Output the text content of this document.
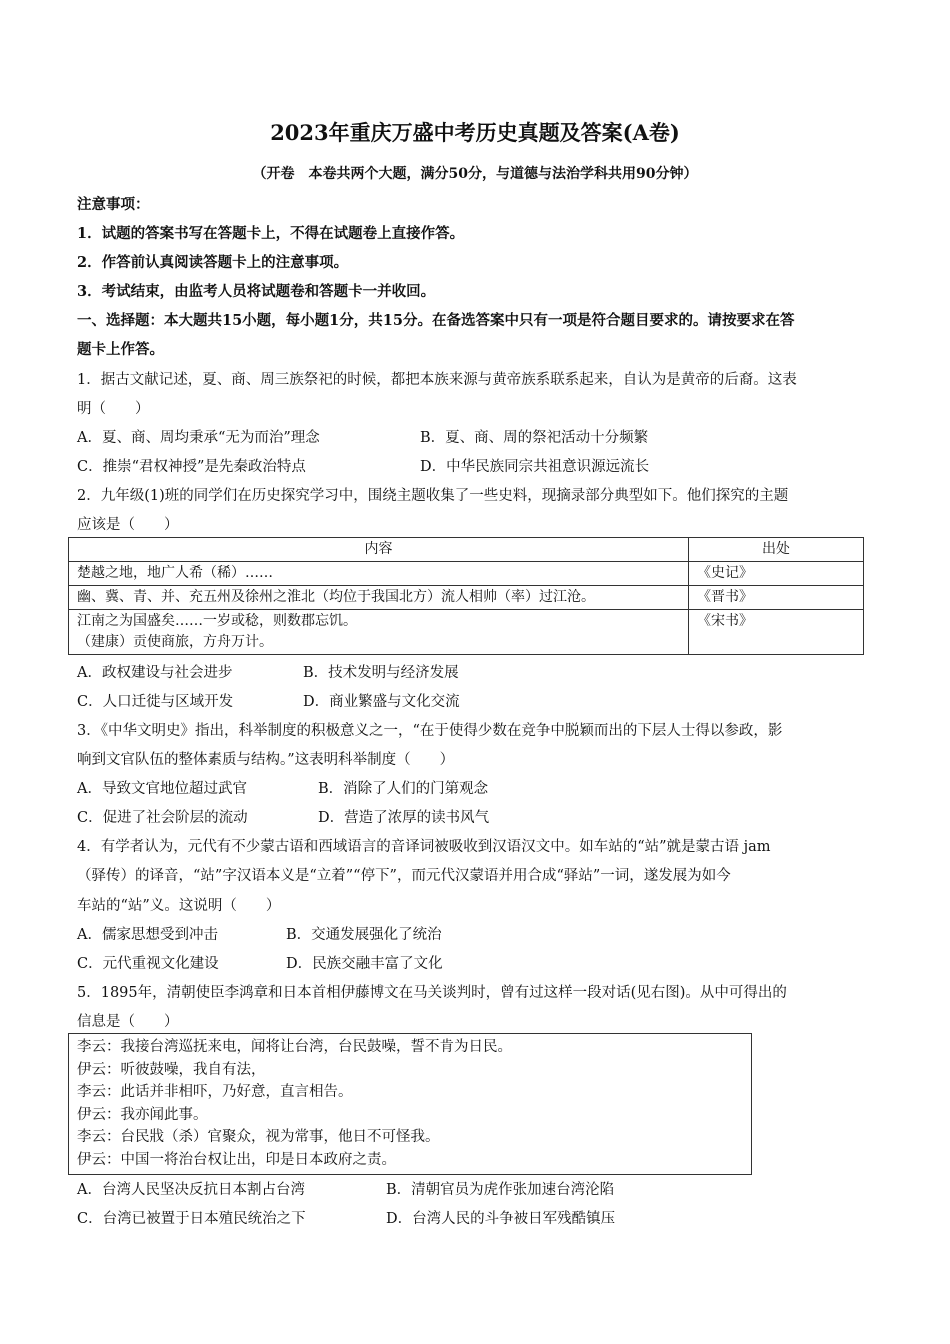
2023年重庆万盛中考历史真题及答案(A卷)
（开卷　本卷共两个大题，满分50分，与道德与法治学科共用90分钟）
注意事项：
1．试题的答案书写在答题卡上，不得在试题卷上直接作答。
2．作答前认真阅读答题卡上的注意事项。
3．考试结束，由监考人员将试题卷和答题卡一并收回。
一、选择题：本大题共15小题，每小题1分，共15分。在备选答案中只有一项是符合题目要求的。请按要求在答
题卡上作答。
1．据古文献记述，夏、商、周三族祭祀的时候，都把本族来源与黄帝族系联系起来，自认为是黄帝的后裔。这表
明（　　）
A．夏、商、周均秉承“无为而治”理念	B．夏、商、周的祭祀活动十分频繁
C．推崇“君权神授”是先秦政治特点	D．中华民族同宗共祖意识源远流长
2．九年级(1)班的同学们在历史探究学习中，围绕主题收集了一些史料，现摘录部分典型如下。他们探究的主题
应该是（　　）
内容	出处
楚越之地，地广人希（稀）……	《史记》
幽、冀、青、并、充五州及徐州之淮北（均位于我国北方）流人相帅（率）过江沧。	《晋书》

江南之为国盛矣……一岁或稔，则数郡忘饥。
（建康）贡使商旅，方舟万计。	《宋书》
A．政权建设与社会进步	B．技术发明与经济发展
C．人口迁徙与区域开发	D．商业繁盛与文化交流
3．《中华文明史》指出，科举制度的积极意义之一，“在于使得少数在竞争中脱颖而出的下层人士得以参政，影
响到文官队伍的整体素质与结构。”这表明科举制度（　　）
A．导致文官地位超过武官	B．消除了人们的门第观念
C．促进了社会阶层的流动	D．营造了浓厚的读书风气
4．有学者认为，元代有不少蒙古语和西域语言的音译词被吸收到汉语汉文中。如车站的“站”就是蒙古语 jam
（驿传）的译音，“站”字汉语本义是“立着”“停下”，而元代汉蒙语并用合成“驿站”一词，遂发展为如今
车站的“站”义。这说明（　　）
A．儒家思想受到冲击	B．交通发展强化了统治
C．元代重视文化建设	D．民族交融丰富了文化
5．1895年，清朝使臣李鸿章和日本首相伊藤博文在马关谈判时，曾有过这样一段对话(见右图)。从中可得出的
信息是（　　）
李云：我接台湾巡抚来电，闻将让台湾，台民鼓噪，誓不肯为日民。
伊云：听彼鼓噪，我自有法，
李云：此话并非相吓，乃好意，直言相告。
伊云：我亦闻此事。
李云：台民戕（杀）官聚众，视为常事，他日不可怪我。
伊云：中国一将治台权让出，印是日本政府之责。
A．台湾人民坚决反抗日本割占台湾	B．清朝官员为虎作张加速台湾沦陷
C．台湾已被置于日本殖民统治之下	D．台湾人民的斗争被日军残酷镇压
